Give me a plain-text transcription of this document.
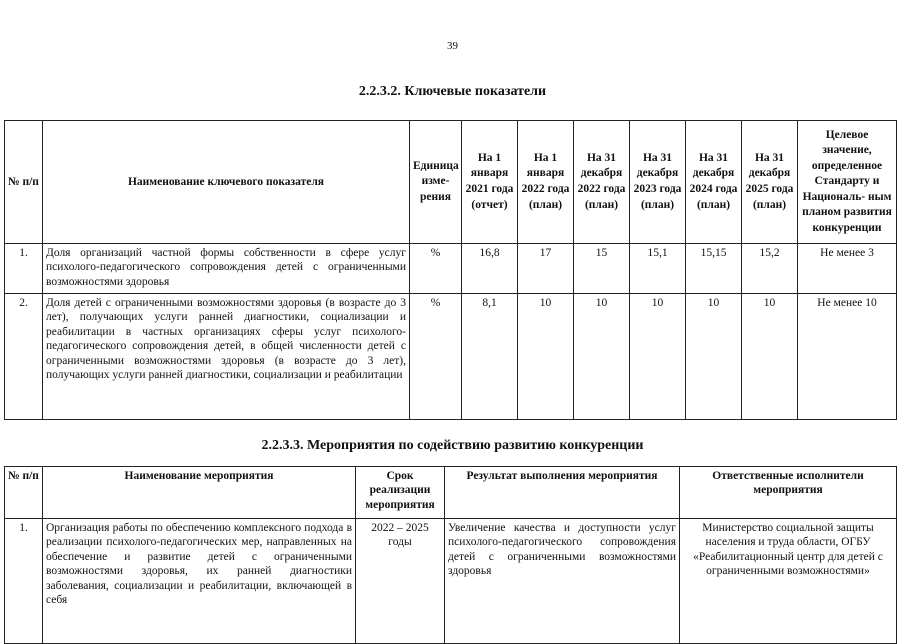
39
2.2.3.2. Ключевые показатели
№ п/п	Наименование ключевого показателя	Единица изме- рения	На 1 января 2021 года (отчет)	На 1 января 2022 года (план)	На 31 декабря 2022 года (план)	На 31 декабря 2023 года (план)	На 31 декабря 2024 года (план)	На 31 декабря 2025 года (план)	Целевое значение, определенное Стандарту и Националь- ным планом развития конкуренции
1.	Доля организаций частной формы собственности в сфере услуг психолого-педагогического сопровождения детей с ограниченными возможностями здоровья	%	16,8	17	15	15,1	15,15	15,2	Не менее 3
2.	Доля детей с ограниченными возможностями здоровья (в возрасте до 3 лет), получающих услуги ранней диагностики, социализации и реабилитации в частных организациях сферы услуг психолого-педагогического сопровождения детей, в общей численности детей с ограниченными возможностями здоровья (в возрасте до 3 лет), получающих услуги ранней диагностики, социализации и реабилитации	%	8,1	10	10	10	10	10	Не менее 10
2.2.3.3. Мероприятия по содействию развитию конкуренции
№ п/п	Наименование мероприятия	Срок реализации мероприятия	Результат выполнения мероприятия	Ответственные исполнители мероприятия
1.	Организация работы по обеспечению комплексного подхода в реализации психолого-педагогических мер, направленных на обеспечение и развитие детей с ограниченными возможностями здоровья, их ранней диагностики заболевания, социализации и реабилитации, включающей в себя	2022 – 2025 годы	Увеличение качества и доступности услуг психолого-педагогического сопровождения детей с ограниченными возможностями здоровья	Министерство социальной защиты населения и труда области, ОГБУ «Реабилитационный центр для детей с ограниченными возможностями»
